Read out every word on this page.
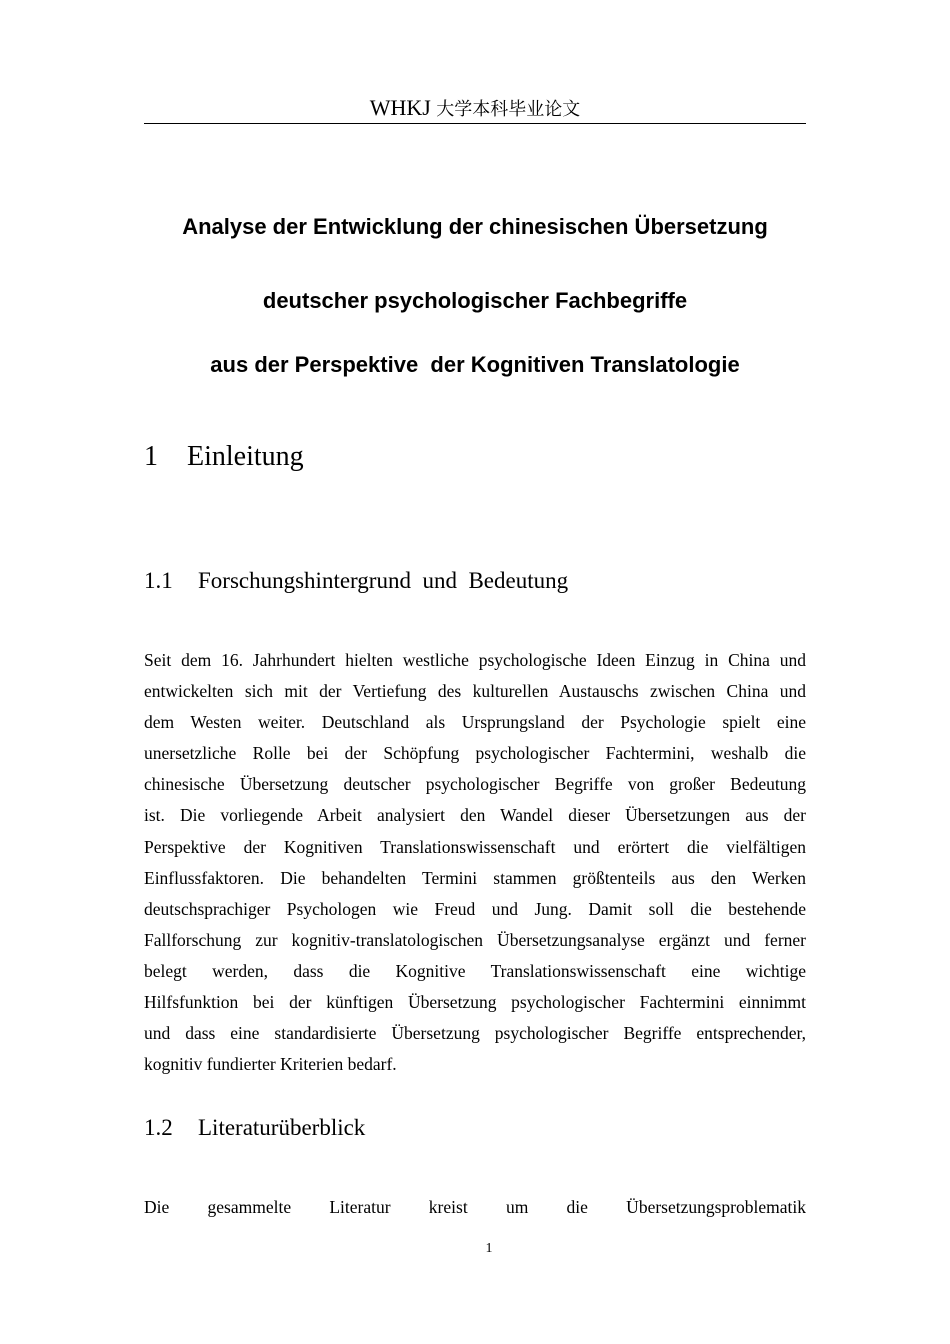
WHKJ 大学本科毕业论文
Analyse der Entwicklung der chinesischen Übersetzung
deutscher psychologischer Fachbegriffe
aus der Perspektive  der Kognitiven Translatologie
1 Einleitung
1.1 Forschungshintergrund  und  Bedeutung
Seit dem 16. Jahrhundert hielten westliche psychologische Ideen Einzug in China und
entwickelten sich mit der Vertiefung des kulturellen Austauschs zwischen China und
dem Westen weiter. Deutschland als Ursprungsland der Psychologie spielt eine
unersetzliche Rolle bei der Schöpfung psychologischer Fachtermini, weshalb die
chinesische Übersetzung deutscher psychologischer Begriffe von großer Bedeutung
ist. Die vorliegende Arbeit analysiert den Wandel dieser Übersetzungen aus der
Perspektive der Kognitiven Translationswissenschaft und erörtert die vielfältigen
Einflussfaktoren. Die behandelten Termini stammen größtenteils aus den Werken
deutschsprachiger Psychologen wie Freud und Jung. Damit soll die bestehende
Fallforschung zur kognitiv-translatologischen Übersetzungsanalyse ergänzt und ferner
belegt werden, dass die Kognitive Translationswissenschaft eine wichtige
Hilfsfunktion bei der künftigen Übersetzung psychologischer Fachtermini einnimmt
und dass eine standardisierte Übersetzung psychologischer Begriffe entsprechender,
kognitiv fundierter Kriterien bedarf.
1.2 Literaturüberblick
Die gesammelte Literatur kreist um die Übersetzungsproblematik
1
